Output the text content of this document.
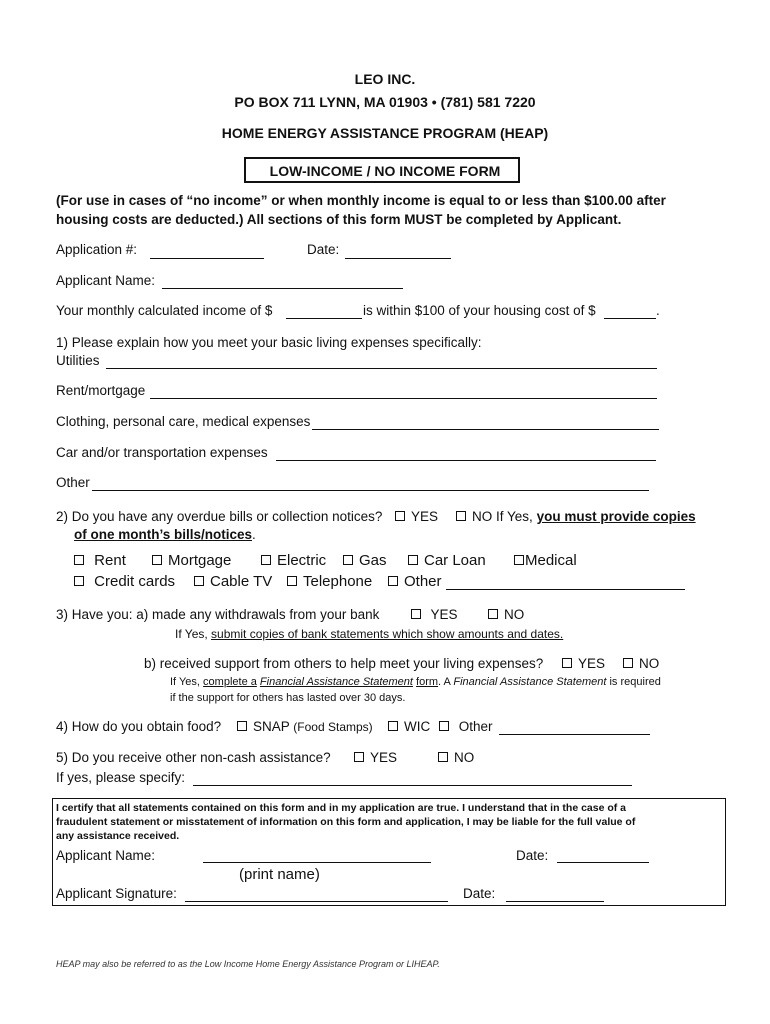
LEO INC.
PO BOX 711 LYNN, MA 01903 • (781) 581 7220
HOME ENERGY ASSISTANCE PROGRAM (HEAP)
LOW-INCOME / NO INCOME FORM
(For use in cases of “no income” or when monthly income is equal to or less than $100.00 after
housing costs are deducted.) All sections of this form MUST be completed by Applicant.
Application #:	Date:
Applicant Name:
Your monthly calculated income of $	is within $100 of your housing cost of $	.
1) Please explain how you meet your basic living expenses specifically:
Utilities
Rent/mortgage
Clothing, personal care, medical expenses
Car and/or transportation expenses
Other
2) Do you have any overdue bills or collection notices?	YES	NO If Yes, you must provide copies
of one month’s bills/notices.
Rent	Mortgage	Electric	Gas	Car Loan	Medical
Credit cards	Cable TV	Telephone	Other
3) Have you: a) made any withdrawals from your bank	YES	NO
If Yes, submit copies of bank statements which show amounts and dates.
b) received support from others to help meet your living expenses?	YES	NO
If Yes, complete a Financial Assistance Statement form. A Financial Assistance Statement is required
if the support for others has lasted over 30 days.
4) How do you obtain food?	SNAP (Food Stamps)	WIC	Other
5) Do you receive other non-cash assistance?	YES	NO
If yes, please specify:
I certify that all statements contained on this form and in my application are true. I understand that in the case of a
fraudulent statement or misstatement of information on this form and application, I may be liable for the full value of
any assistance received.
Applicant Name:	Date:
(print name)
Applicant Signature:	Date:
HEAP may also be referred to as the Low Income Home Energy Assistance Program or LIHEAP.
